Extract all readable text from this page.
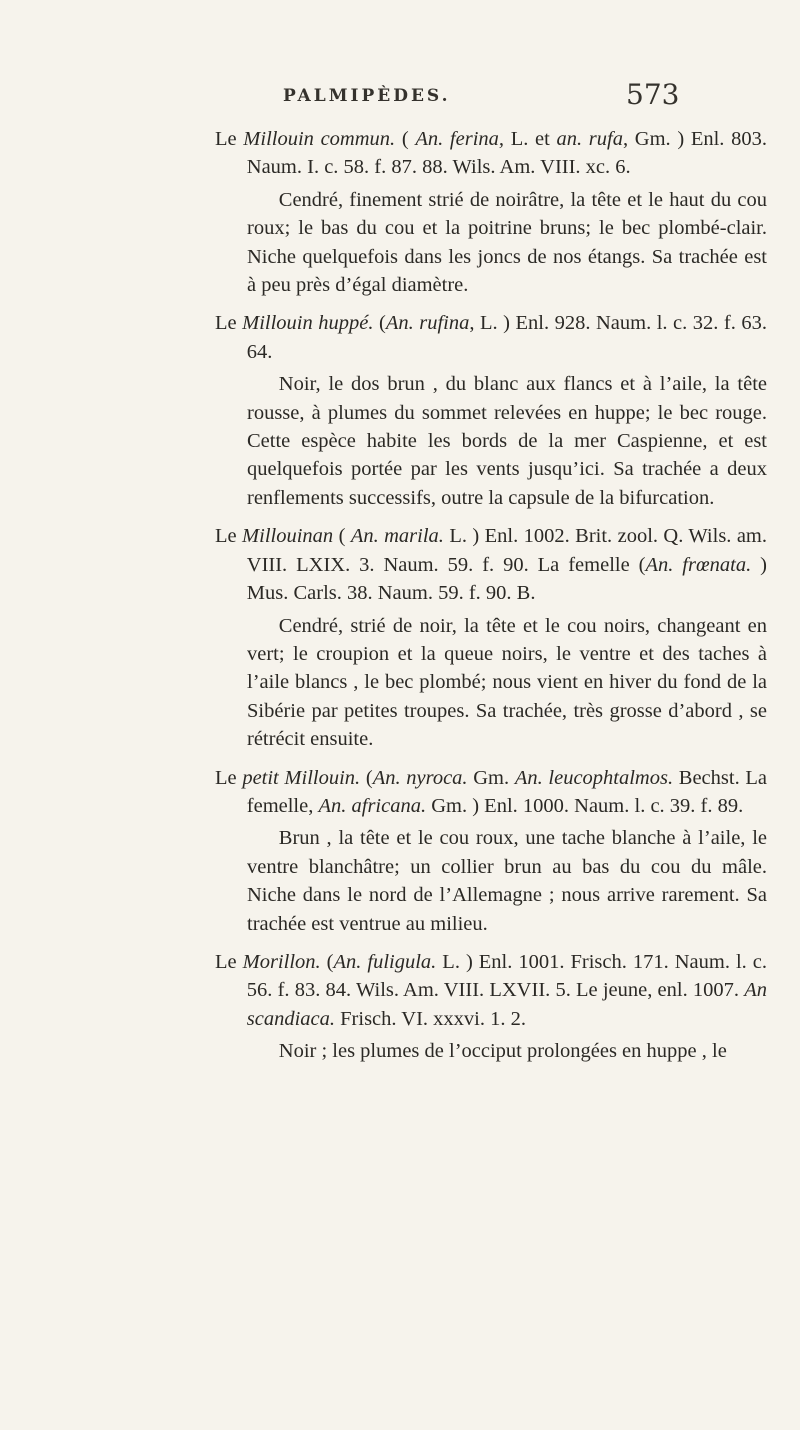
PALMIPÈDES.	573

Le Millouin commun. ( An. ferina, L. et an. rufa, Gm. ) Enl. 803. Naum. I. c. 58. f. 87. 88. Wils. Am. VIII. xc. 6.

Cendré, finement strié de noirâtre, la tête et le haut du cou roux; le bas du cou et la poitrine bruns; le bec plombé-clair. Niche quelquefois dans les joncs de nos étangs. Sa trachée est à peu près d’égal diamètre.

Le Millouin huppé. (An. rufina, L. ) Enl. 928. Naum. l. c. 32. f. 63. 64.

Noir, le dos brun , du blanc aux flancs et à l’aile, la tête rousse, à plumes du sommet relevées en huppe; le bec rouge. Cette espèce habite les bords de la mer Caspienne, et est quelquefois portée par les vents jusqu’ici. Sa trachée a deux renflements successifs, outre la capsule de la bifurcation.

Le Millouinan ( An. marila. L. ) Enl. 1002. Brit. zool. Q. Wils. am. VIII. LXIX. 3. Naum. 59. f. 90. La femelle (An. frœnata. ) Mus. Carls. 38. Naum. 59. f. 90. B.

Cendré, strié de noir, la tête et le cou noirs, changeant en vert; le croupion et la queue noirs, le ventre et des taches à l’aile blancs , le bec plombé; nous vient en hiver du fond de la Sibérie par petites troupes. Sa trachée, très grosse d’abord , se rétrécit ensuite.

Le petit Millouin. (An. nyroca. Gm. An. leucophtalmos. Bechst. La femelle, An. africana. Gm. ) Enl. 1000. Naum. l. c. 39. f. 89.

Brun , la tête et le cou roux, une tache blanche à l’aile, le ventre blanchâtre; un collier brun au bas du cou du mâle. Niche dans le nord de l’Allemagne ; nous arrive rarement. Sa trachée est ventrue au milieu.

Le Morillon. (An. fuligula. L. ) Enl. 1001. Frisch. 171. Naum. l. c. 56. f. 83. 84. Wils. Am. VIII. LXVII. 5. Le jeune, enl. 1007. An scandiaca. Frisch. VI. xxxvi. 1. 2.

Noir ; les plumes de l’occiput prolongées en huppe , le
